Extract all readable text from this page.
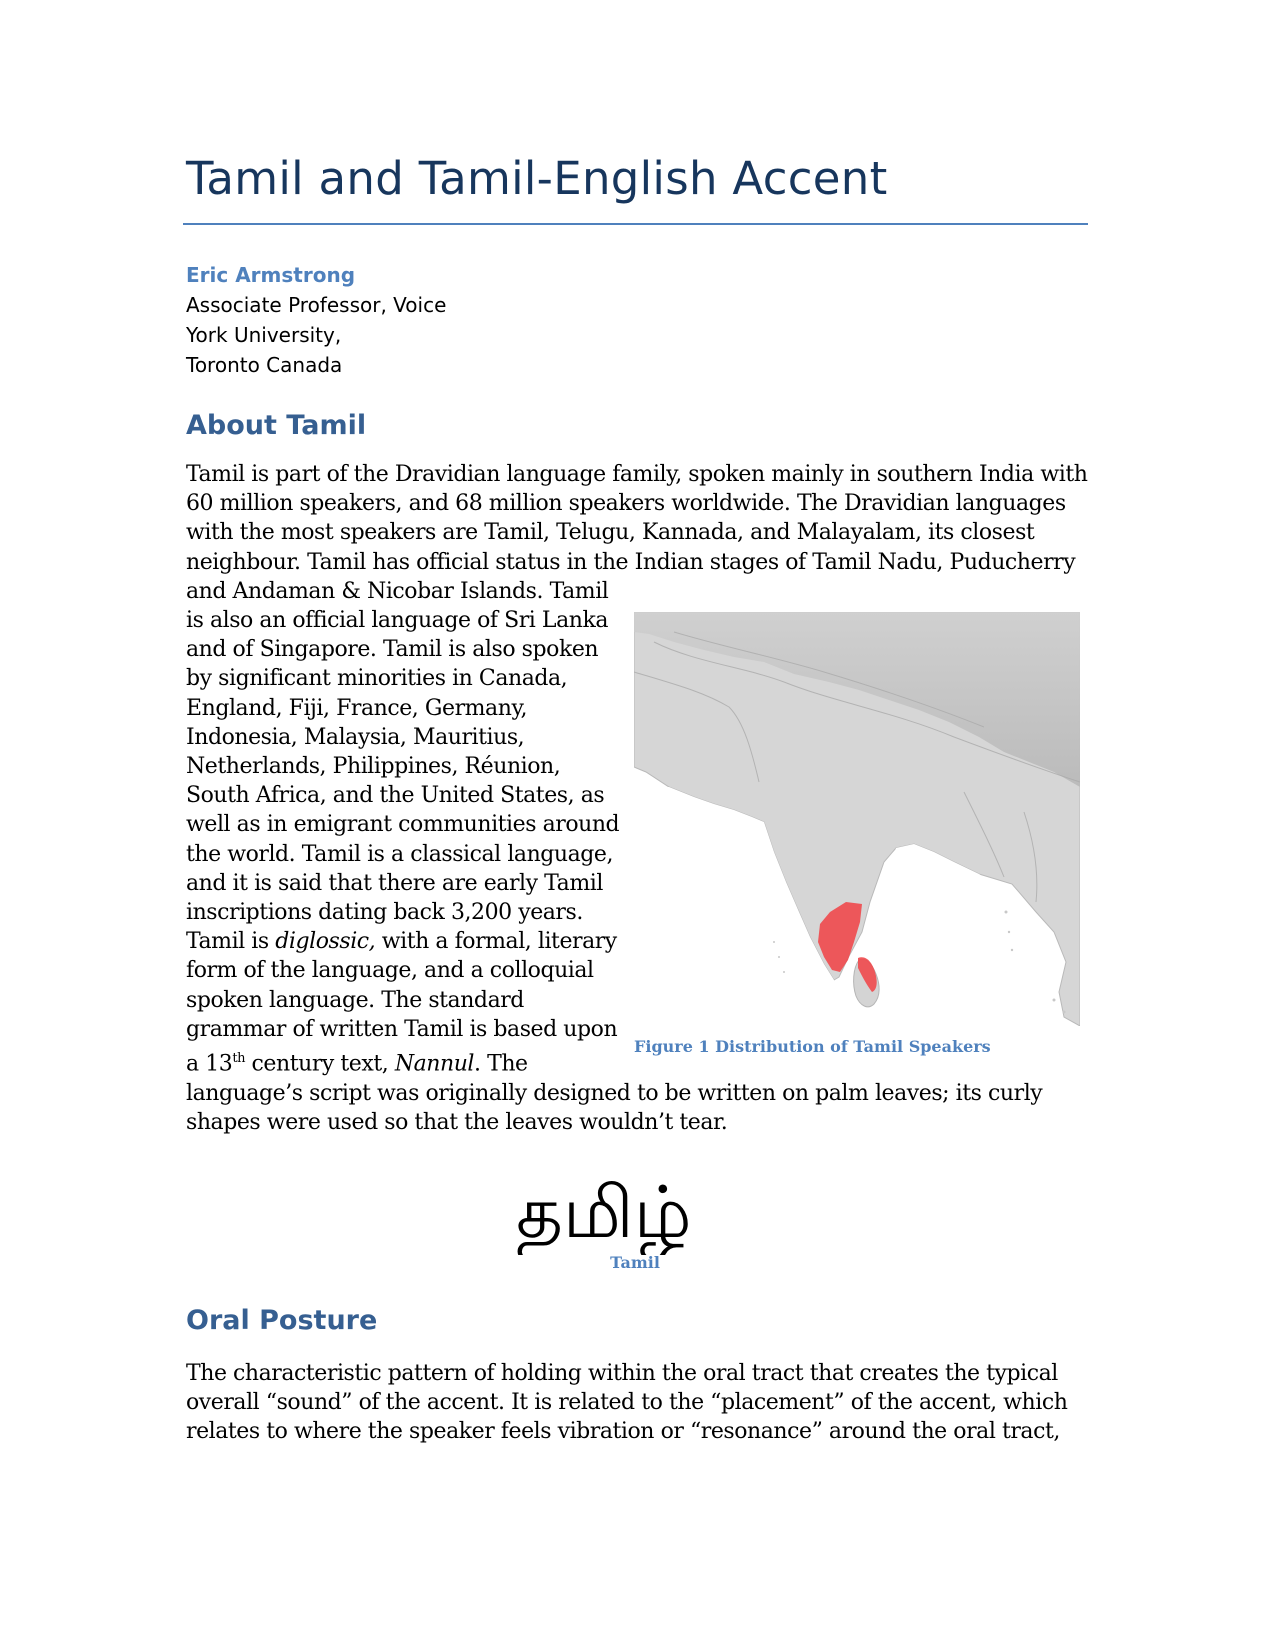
Tamil and Tamil-English Accent
Eric Armstrong
Associate Professor, Voice
York University,
Toronto Canada
About Tamil
Tamil is part of the Dravidian language family, spoken mainly in southern India with
60 million speakers, and 68 million speakers worldwide. The Dravidian languages
with the most speakers are Tamil, Telugu, Kannada, and Malayalam, its closest
neighbour. Tamil has official status in the Indian stages of Tamil Nadu, Puducherry
and Andaman & Nicobar Islands. Tamil
is also an official language of Sri Lanka
and of Singapore. Tamil is also spoken
by significant minorities in Canada,
England, Fiji, France, Germany,
Indonesia, Malaysia, Mauritius,
Netherlands, Philippines, Réunion,
South Africa, and the United States, as
well as in emigrant communities around
the world. Tamil is a classical language,
and it is said that there are early Tamil
inscriptions dating back 3,200 years.
Tamil is diglossic, with a formal, literary
form of the language, and a colloquial
spoken language. The standard
grammar of written Tamil is based upon
a 13th century text, Nannul. The
language’s script was originally designed to be written on palm leaves; its curly
shapes were used so that the leaves wouldn’t tear.
Figure 1 Distribution of Tamil Speakers
தமிழ்
Tamil
Oral Posture
The characteristic pattern of holding within the oral tract that creates the typical
overall “sound” of the accent. It is related to the “placement” of the accent, which
relates to where the speaker feels vibration or “resonance” around the oral tract,
